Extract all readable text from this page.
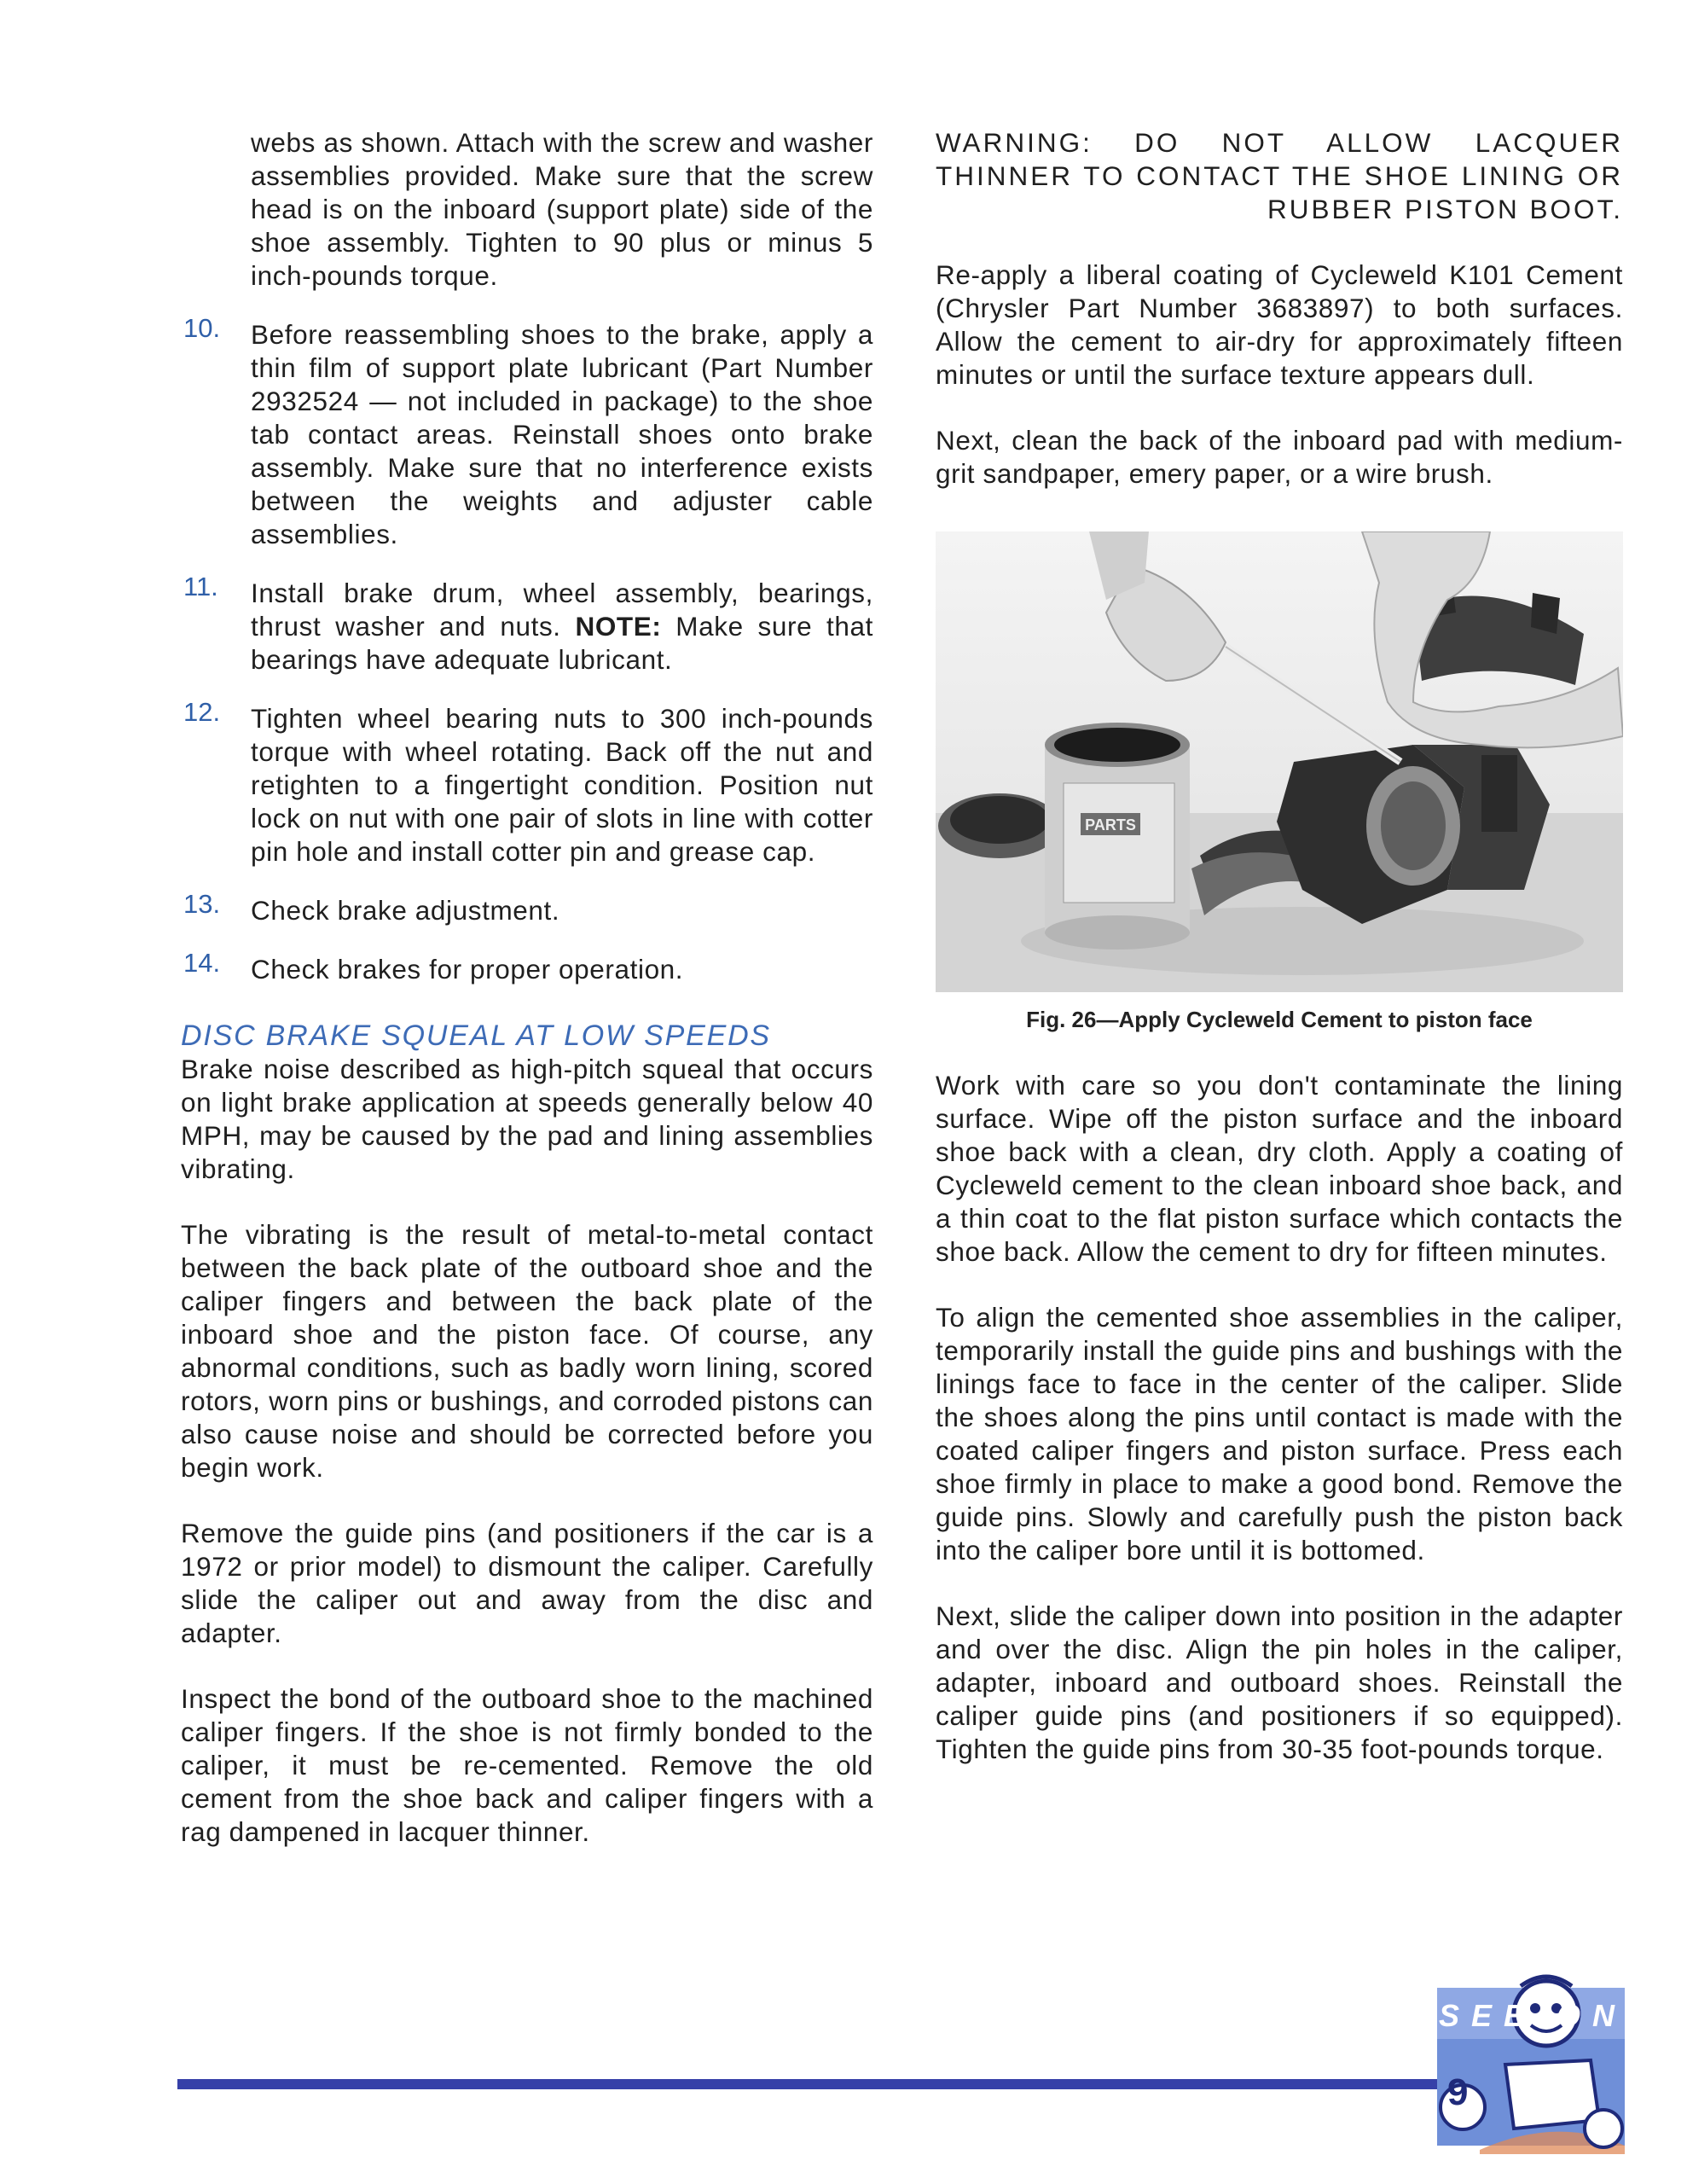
webs as shown. Attach with the screw and washer assemblies provided. Make sure that the screw head is on the inboard (support plate) side of the shoe assembly. Tighten to 90 plus or minus 5 inch-pounds torque.

10. Before reassembling shoes to the brake, apply a thin film of support plate lubricant (Part Number 2932524 — not included in package) to the shoe tab contact areas. Reinstall shoes onto brake assembly. Make sure that no interference exists between the weights and adjuster cable assemblies.

11. Install brake drum, wheel assembly, bearings, thrust washer and nuts. NOTE: Make sure that bearings have adequate lubricant.

12. Tighten wheel bearing nuts to 300 inch-pounds torque with wheel rotating. Back off the nut and retighten to a fingertight condition. Position nut lock on nut with one pair of slots in line with cotter pin hole and install cotter pin and grease cap.

13. Check brake adjustment.

14. Check brakes for proper operation.

DISC BRAKE SQUEAL AT LOW SPEEDS

Brake noise described as high-pitch squeal that occurs on light brake application at speeds generally below 40 MPH, may be caused by the pad and lining assemblies vibrating.

The vibrating is the result of metal-to-metal contact between the back plate of the outboard shoe and the caliper fingers and between the back plate of the inboard shoe and the piston face. Of course, any abnormal conditions, such as badly worn lining, scored rotors, worn pins or bushings, and corroded pistons can also cause noise and should be corrected before you begin work.

Remove the guide pins (and positioners if the car is a 1972 or prior model) to dismount the caliper. Carefully slide the caliper out and away from the disc and adapter.

Inspect the bond of the outboard shoe to the machined caliper fingers. If the shoe is not firmly bonded to the caliper, it must be re-cemented. Remove the old cement from the shoe back and caliper fingers with a rag dampened in lacquer thinner.

WARNING: DO NOT ALLOW LACQUER THINNER TO CONTACT THE SHOE LINING OR RUBBER PISTON BOOT.

Re-apply a liberal coating of Cycleweld K101 Cement (Chrysler Part Number 3683897) to both surfaces. Allow the cement to air-dry for approximately fifteen minutes or until the surface texture appears dull.

Next, clean the back of the inboard pad with medium-grit sandpaper, emery paper, or a wire brush.

PARTS
Fig. 26—Apply Cycleweld Cement to piston face

Work with care so you don't contaminate the lining surface. Wipe off the piston surface and the inboard shoe back with a clean, dry cloth. Apply a coating of Cycleweld cement to the clean inboard shoe back, and a thin coat to the flat piston surface which contacts the shoe back. Allow the cement to dry for fifteen minutes.

To align the cemented shoe assemblies in the caliper, temporarily install the guide pins and bushings with the linings face to face in the center of the caliper. Slide the shoes along the pins until contact is made with the coated caliper fingers and piston surface. Press each shoe firmly in place to make a good bond. Remove the guide pins. Slowly and carefully push the piston back into the caliper bore until it is bottomed.

Next, slide the caliper down into position in the adapter and over the disc. Align the pin holes in the caliper, adapter, inboard and outboard shoes. Reinstall the caliper guide pins (and positioners if so equipped). Tighten the guide pins from 30-35 foot-pounds torque.

SEE ON
9
